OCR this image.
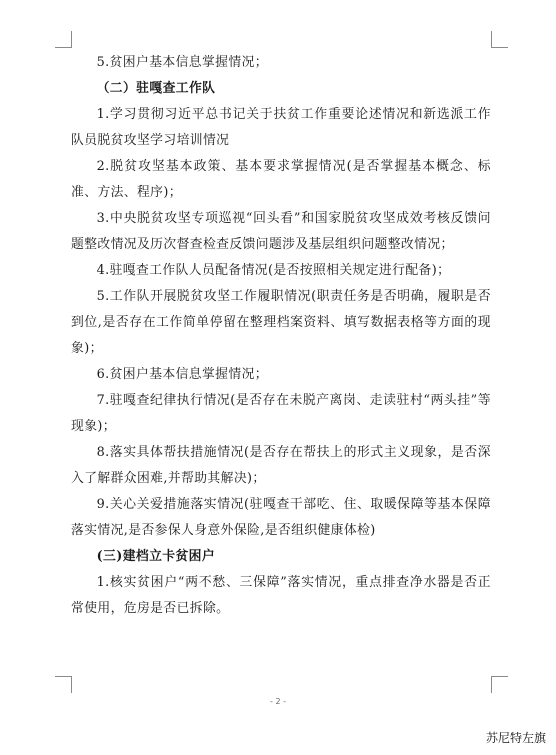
5.贫困户基本信息掌握情况；

（二）驻嘎查工作队

1.学习贯彻习近平总书记关于扶贫工作重要论述情况和新选派工作队员脱贫攻坚学习培训情况

2.脱贫攻坚基本政策、基本要求掌握情况(是否掌握基本概念、标准、方法、程序)；

3.中央脱贫攻坚专项巡视“回头看”和国家脱贫攻坚成效考核反馈问题整改情况及历次督查检查反馈问题涉及基层组织问题整改情况；

4.驻嘎查工作队人员配备情况(是否按照相关规定进行配备)；

5.工作队开展脱贫攻坚工作履职情况(职责任务是否明确，履职是否到位,是否存在工作简单停留在整理档案资料、填写数据表格等方面的现象)；

6.贫困户基本信息掌握情况；

7.驻嘎查纪律执行情况(是否存在未脱产离岗、走读驻村“两头挂”等现象)；

8.落实具体帮扶措施情况(是否存在帮扶上的形式主义现象，是否深入了解群众困难,并帮助其解决)；

9.关心关爱措施落实情况(驻嘎查干部吃、住、取暖保障等基本保障落实情况,是否参保人身意外保险,是否组织健康体检)

(三)建档立卡贫困户

1.核实贫困户“两不愁、三保障”落实情况，重点排查净水器是否正常使用，危房是否已拆除。

- 2 -
苏尼特左旗
